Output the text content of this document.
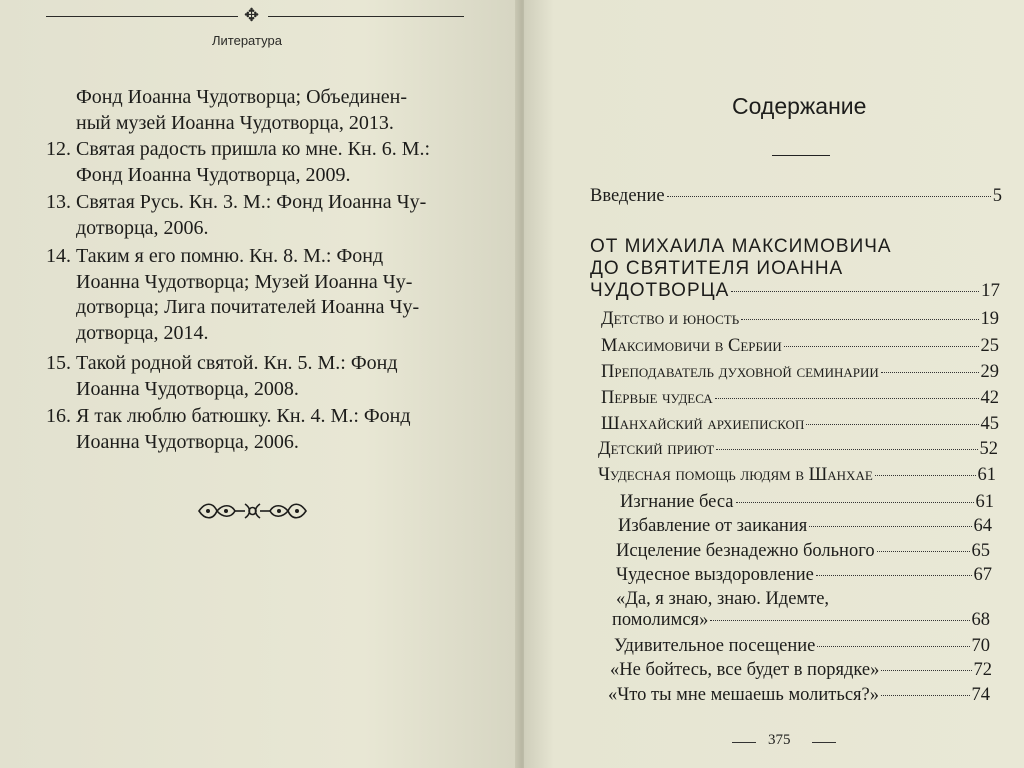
✥
Литература
Фонд Иоанна Чудотворца; Объединен-
ный музей Иоанна Чудотворца, 2013.
12. Святая радость пришла ко мне. Кн. 6. М.:
Фонд Иоанна Чудотворца, 2009.
13. Святая Русь. Кн. 3. М.: Фонд Иоанна Чу-
дотворца, 2006.
14. Таким я его помню. Кн. 8. М.: Фонд
Иоанна Чудотворца; Музей Иоанна Чу-
дотворца; Лига почитателей Иоанна Чу-
дотворца, 2014.
15. Такой родной святой. Кн. 5. М.: Фонд
Иоанна Чудотворца, 2008.
16. Я так люблю батюшку. Кн. 4. М.: Фонд
Иоанна Чудотворца, 2006.
Содержание
Введение	5
ОТ МИХАИЛА МАКСИМОВИЧА
ДО СВЯТИТЕЛЯ ИОАННА
ЧУДОТВОРЦА	17
Детство и юность	19
Максимовичи в Сербии	25
Преподаватель духовной семинарии	29
Первые чудеса	42
Шанхайский архиепископ	45
Детский приют	52
Чудесная помощь людям в Шанхае	61
Изгнание беса	61
Избавление от заикания	64
Исцеление безнадежно больного	65
Чудесное выздоровление	67
«Да, я знаю, знаю. Идемте,
помолимся»	68
Удивительное посещение	70
«Не бойтесь, все будет в порядке»	72
«Что ты мне мешаешь молиться?»	74
375
